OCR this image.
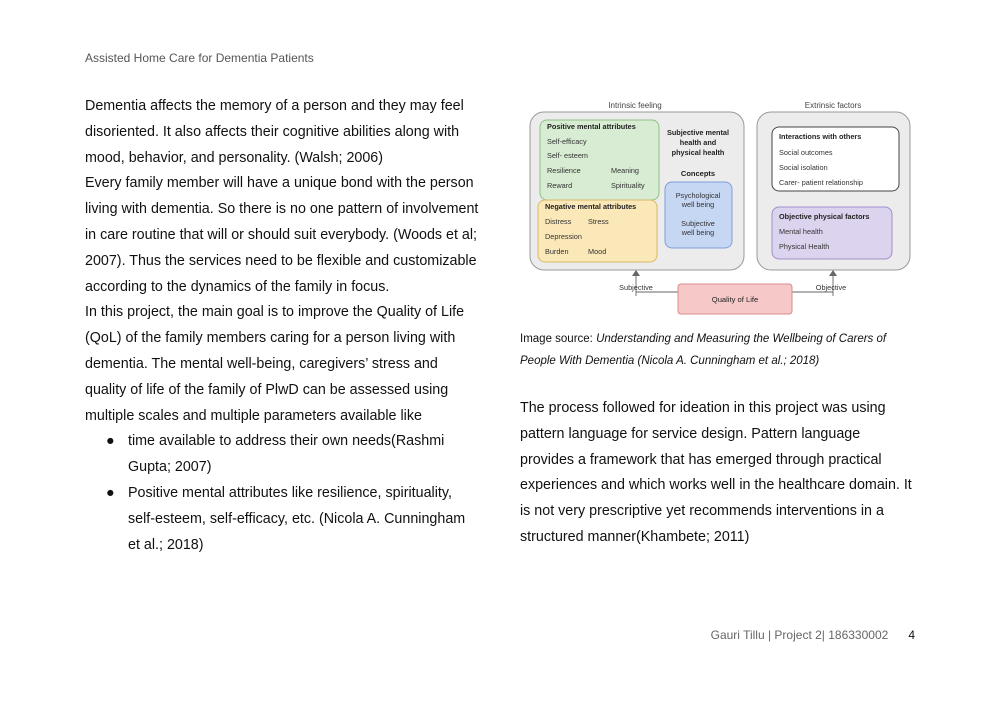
Assisted Home Care for Dementia Patients

Dementia affects the memory of a person and they may feel disoriented. It also affects their cognitive abilities along with mood, behavior, and personality. (Walsh; 2006)

Every family member will have a unique bond with the person living with dementia. So there is no one pattern of involvement in care routine that will or should suit everybody. (Woods et al; 2007). Thus the services need to be flexible and customizable according to the dynamics of the family in focus.

In this project, the main goal is to improve the Quality of Life (QoL) of the family members caring for a person living with dementia. The mental well-being, caregivers’ stress and quality of life of the family of PlwD can be assessed using multiple scales and multiple parameters available like

● time available to address their own needs(Rashmi Gupta; 2007)
● Positive mental attributes like resilience, spirituality, self-esteem, self-efficacy, etc. (Nicola A. Cunningham et al.; 2018)
Intrinsic feeling	Extrinsic factors
Positive mental attributes
Self-efficacy
Self- esteem
Resilience	Meaning
Reward	Spirituality
Subjective mental
health and
physical health
Concepts
Psychological
well being
Subjective
well being
Negative mental attributes
Distress Stress
Depression
Burden	Mood
Interactions with others
Social outcomes
Social isolation
Carer- patient relationship
Objective physical factors
Mental health
Physical Health
Subjective	Objective
Quality of Life
Image source: Understanding and Measuring the Wellbeing of Carers of People With Dementia (Nicola A. Cunningham et al.; 2018)

The process followed for ideation in this project was using pattern language for service design. Pattern language provides a framework that has emerged through practical experiences and which works well in the healthcare domain. It is not very prescriptive yet recommends interventions in a structured manner(Khambete; 2011)

Gauri Tillu | Project 2| 186330002 4
